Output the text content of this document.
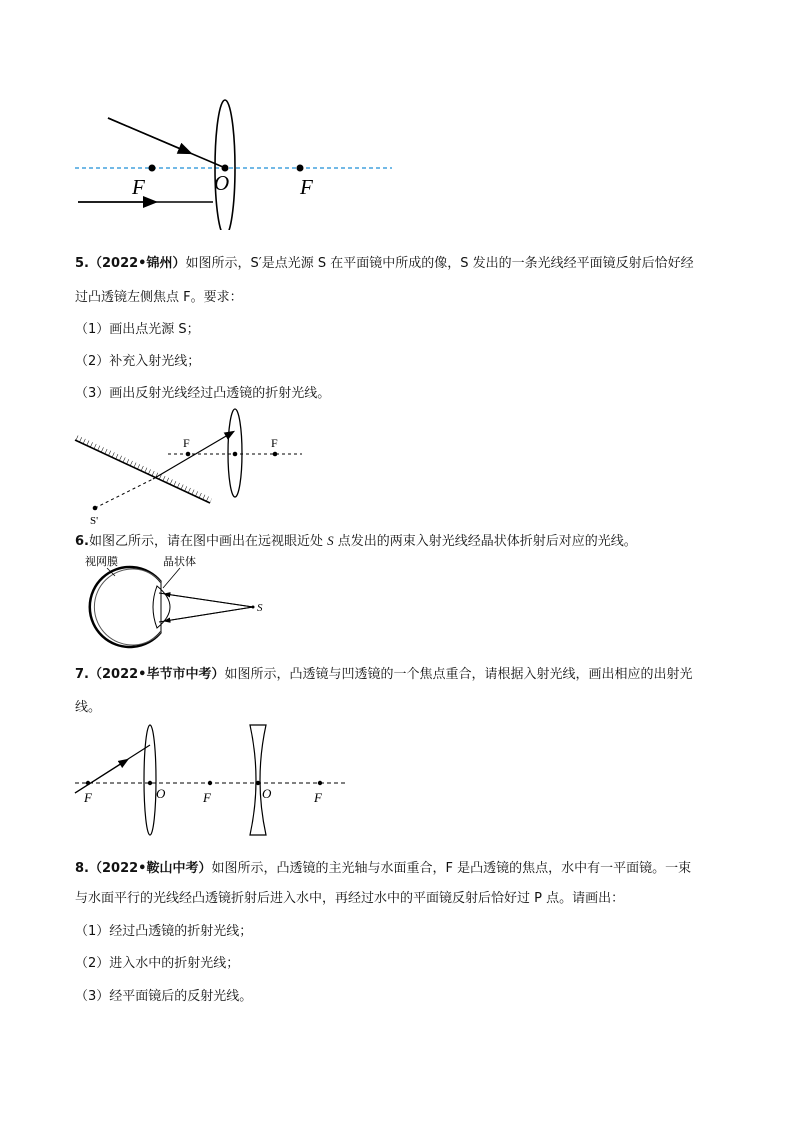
F	O	F
5.（2022•锦州）如图所示，S′是点光源 S 在平面镜中所成的像，S 发出的一条光线经平面镜反射后恰好经
过凸透镜左侧焦点 F。要求：
（1）画出点光源 S；
（2）补充入射光线；
（3）画出反射光线经过凸透镜的折射光线。
F	F
S'
6.如图乙所示，请在图中画出在远视眼近处 S 点发出的两束入射光线经晶状体折射后对应的光线。
S
视网膜	晶状体
7.（2022•毕节市中考）如图所示，凸透镜与凹透镜的一个焦点重合，请根据入射光线，画出相应的出射光
线。
F	O	F	O	F
8.（2022•鞍山中考）如图所示，凸透镜的主光轴与水面重合，F 是凸透镜的焦点，水中有一平面镜。一束
与水面平行的光线经凸透镜折射后进入水中，再经过水中的平面镜反射后恰好过 P 点。请画出：
（1）经过凸透镜的折射光线；
（2）进入水中的折射光线；
（3）经平面镜后的反射光线。
